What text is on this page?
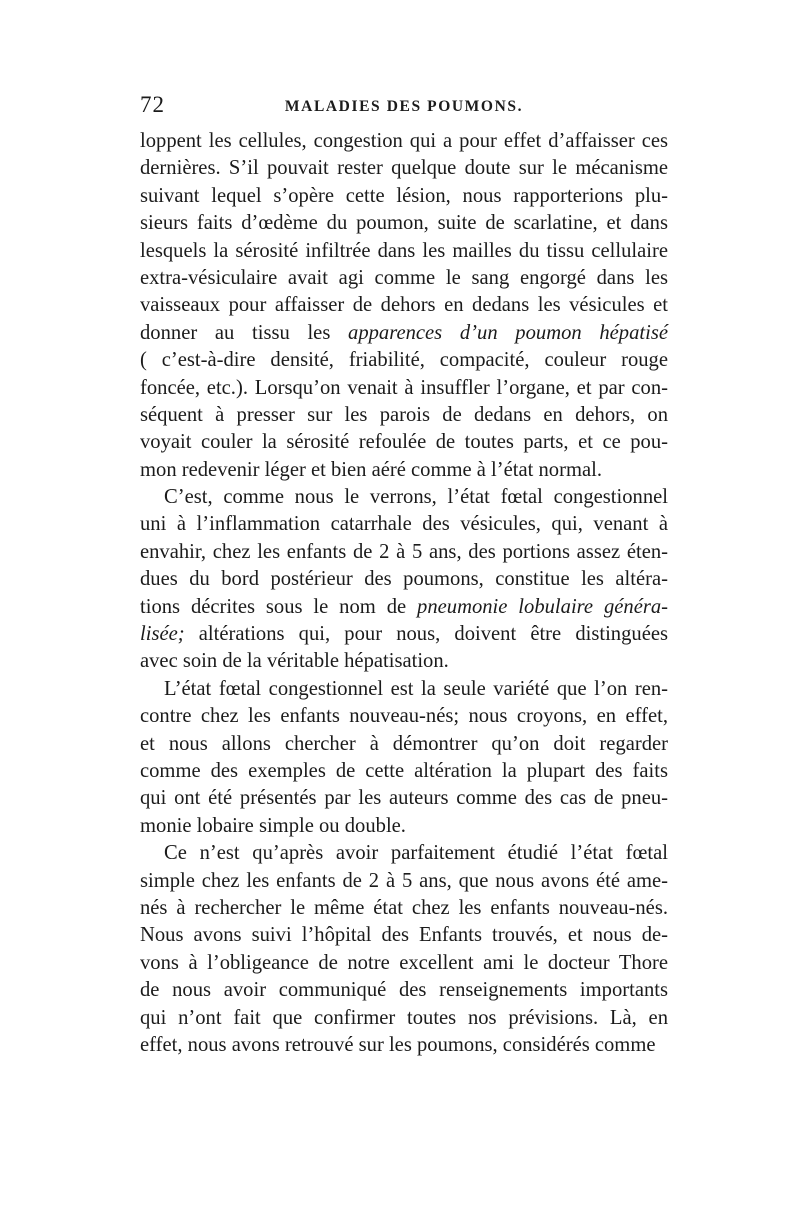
72	MALADIES DES POUMONS.
loppent les cellules, congestion qui a pour effet d’affaisser ces
dernières. S’il pouvait rester quelque doute sur le mécanisme
suivant lequel s’opère cette lésion, nous rapporterions plu-
sieurs faits d’œdème du poumon, suite de scarlatine, et dans
lesquels la sérosité infiltrée dans les mailles du tissu cellulaire
extra-vésiculaire avait agi comme le sang engorgé dans les
vaisseaux pour affaisser de dehors en dedans les vésicules et
donner au tissu les apparences d’un poumon hépatisé
( c’est-à-dire densité, friabilité, compacité, couleur rouge
foncée, etc.). Lorsqu’on venait à insuffler l’organe, et par con-
séquent à presser sur les parois de dedans en dehors, on
voyait couler la sérosité refoulée de toutes parts, et ce pou-
mon redevenir léger et bien aéré comme à l’état normal.
C’est, comme nous le verrons, l’état fœtal congestionnel
uni à l’inflammation catarrhale des vésicules, qui, venant à
envahir, chez les enfants de 2 à 5 ans, des portions assez éten-
dues du bord postérieur des poumons, constitue les altéra-
tions décrites sous le nom de pneumonie lobulaire généra-
lisée; altérations qui, pour nous, doivent être distinguées
avec soin de la véritable hépatisation.
L’état fœtal congestionnel est la seule variété que l’on ren-
contre chez les enfants nouveau-nés; nous croyons, en effet,
et nous allons chercher à démontrer qu’on doit regarder
comme des exemples de cette altération la plupart des faits
qui ont été présentés par les auteurs comme des cas de pneu-
monie lobaire simple ou double.
Ce n’est qu’après avoir parfaitement étudié l’état fœtal
simple chez les enfants de 2 à 5 ans, que nous avons été ame-
nés à rechercher le même état chez les enfants nouveau-nés.
Nous avons suivi l’hôpital des Enfants trouvés, et nous de-
vons à l’obligeance de notre excellent ami le docteur Thore
de nous avoir communiqué des renseignements importants
qui n’ont fait que confirmer toutes nos prévisions. Là, en
effet, nous avons retrouvé sur les poumons, considérés comme
